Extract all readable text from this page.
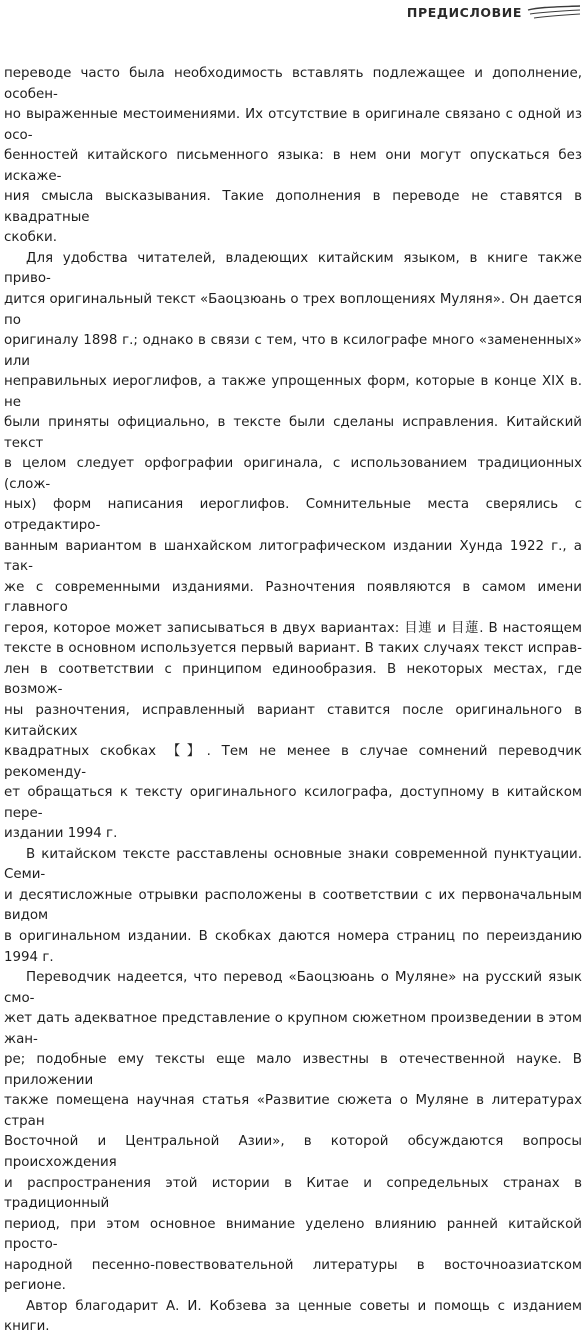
ПРЕДИСЛОВИЕ

переводе часто была необходимость вставлять подлежащее и дополнение, особен-

но выраженные местоимениями. Их отсутствие в оригинале связано с одной из осо-

бенностей китайского письменного языка: в нем они могут опускаться без искаже-

ния смысла высказывания. Такие дополнения в переводе не ставятся в квадратные

скобки.

Для удобства читателей, владеющих китайским языком, в книге также приво-

дится оригинальный текст «Баоцзюань о трех воплощениях Муляня». Он дается по

оригиналу 1898 г.; однако в связи с тем, что в ксилографе много «замененных» или

неправильных иероглифов, а также упрощенных форм, которые в конце XIX в. не

были приняты официально, в тексте были сделаны исправления. Китайский текст

в целом следует орфографии оригинала, с использованием традиционных (слож-

ных) форм написания иероглифов. Сомнительные места сверялись с отредактиро-

ванным вариантом в шанхайском литографическом издании Хунда 1922 г., а так-

же с современными изданиями. Разночтения появляются в самом имени главного

героя, которое может записываться в двух вариантах: 目連 и 目蓮. В настоящем

тексте в основном используется первый вариант. В таких случаях текст исправ-

лен в соответствии с принципом единообразия. В некоторых местах, где возмож-

ны разночтения, исправленный вариант ставится после оригинального в китайских

квадратных скобках 【】. Тем не менее в случае сомнений переводчик рекоменду-

ет обращаться к тексту оригинального ксилографа, доступному в китайском пере-

издании 1994 г.

В китайском тексте расставлены основные знаки современной пунктуации. Семи-

и десятисложные отрывки расположены в соответствии с их первоначальным видом

в оригинальном издании. В скобках даются номера страниц по переизданию 1994 г.

Переводчик надеется, что перевод «Баоцзюань о Муляне» на русский язык смо-

жет дать адекватное представление о крупном сюжетном произведении в этом жан-

ре; подобные ему тексты еще мало известны в отечественной науке. В приложении

также помещена научная статья «Развитие сюжета о Муляне в литературах стран

Восточной и Центральной Азии», в которой обсуждаются вопросы происхождения

и распространения этой истории в Китае и сопредельных странах в традиционный

период, при этом основное внимание уделено влиянию ранней китайской просто-

народной песенно-повествовательной литературы в восточноазиатском регионе.

Автор благодарит А. И. Кобзева за ценные советы и помощь с изданием книги.
